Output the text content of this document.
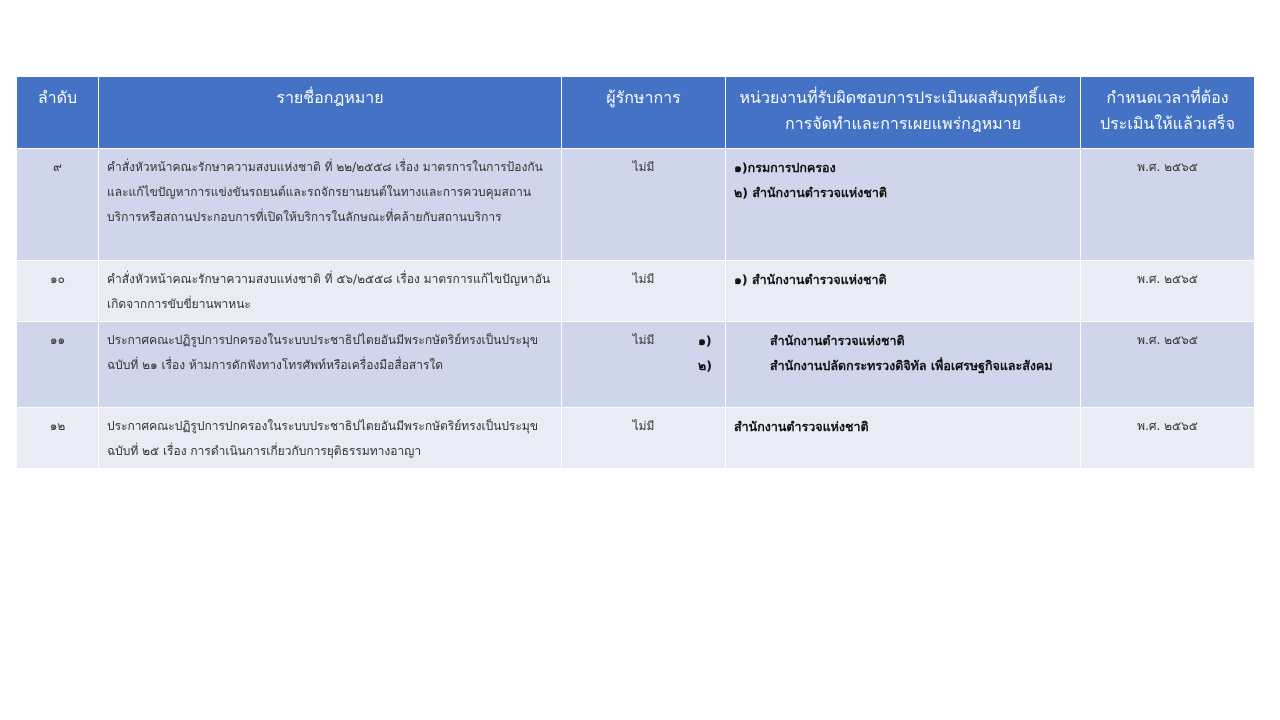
ลำดับ	รายชื่อกฎหมาย	ผู้รักษาการ	หน่วยงานที่รับผิดชอบการประเมินผลสัมฤทธิ์และการจัดทำและการเผยแพร่กฎหมาย	กำหนดเวลาที่ต้องประเมินให้แล้วเสร็จ
๙	คำสั่งหัวหน้าคณะรักษาความสงบแห่งชาติ ที่ ๒๒/๒๕๕๘ เรื่อง มาตรการในการป้องกันและแก้ไขปัญหาการแข่งขันรถยนต์และรถจักรยานยนต์ในทางและการควบคุมสถานบริการหรือสถานประกอบการที่เปิดให้บริการในลักษณะที่คล้ายกับสถานบริการ	ไม่มี	๑)กรมการปกครอง
๒) สำนักงานตำรวจแห่งชาติ	พ.ศ. ๒๕๖๕
๑๐	คำสั่งหัวหน้าคณะรักษาความสงบแห่งชาติ ที่ ๕๖/๒๕๕๘ เรื่อง มาตรการแก้ไขปัญหาอันเกิดจากการขับขี่ยานพาหนะ	ไม่มี	๑) สำนักงานตำรวจแห่งชาติ	พ.ศ. ๒๕๖๕
๑๑	ประกาศคณะปฏิรูปการปกครองในระบบประชาธิปไตยอันมีพระกษัตริย์ทรงเป็นประมุขฉบับที่ ๒๑ เรื่อง ห้ามการดักฟังทางโทรศัพท์หรือเครื่องมือสื่อสารใด	ไม่มี	๑) สำนักงานตำรวจแห่งชาติ
๒) สำนักงานปลัดกระทรวงดิจิทัล เพื่อเศรษฐกิจและสังคม	พ.ศ. ๒๕๖๕
๑๒	ประกาศคณะปฏิรูปการปกครองในระบบประชาธิปไตยอันมีพระกษัตริย์ทรงเป็นประมุขฉบับที่ ๒๕ เรื่อง การดำเนินการเกี่ยวกับการยุติธรรมทางอาญา	ไม่มี	สำนักงานตำรวจแห่งชาติ	พ.ศ. ๒๕๖๕
